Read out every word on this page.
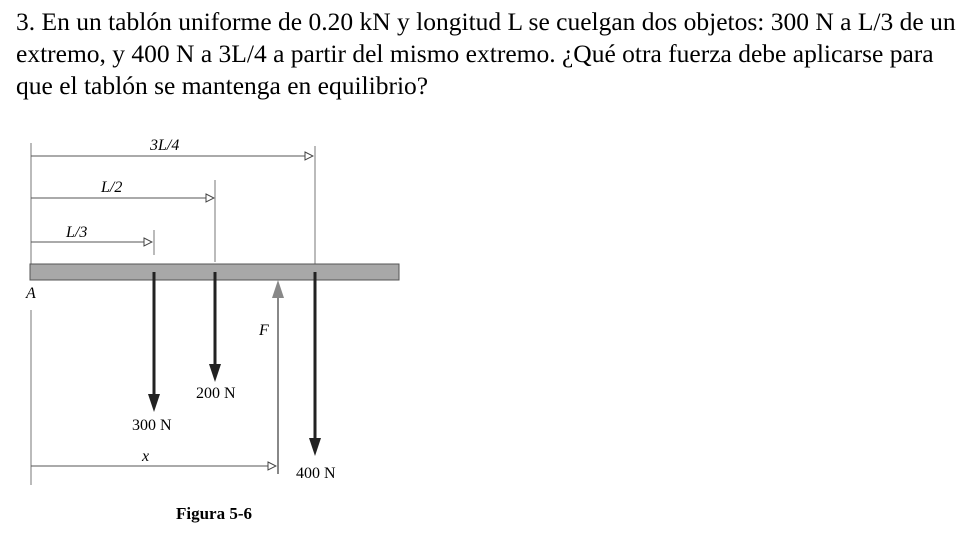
3. En un tablón uniforme de 0.20 kN y longitud L se cuelgan dos objetos: 300 N a L/3 de un extremo, y 400 N a 3L/4 a partir del mismo extremo. ¿Qué otra fuerza debe aplicarse para que el tablón se mantenga en equilibrio?

3L/4
L/2
L/3
A
300 N
200 N
F
400 N
x
Figura 5-6
